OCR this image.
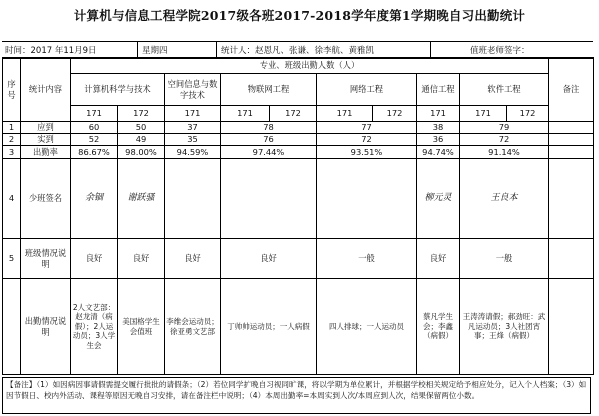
计算机与信息工程学院2017级各班2017-2018学年度第1学期晚自习出勤统计
时间：2017 年11月9日	星期四	统计人：赵恩凡、张谦、徐李航、黄雅凯	值班老师签字：
序号	统计内容	专业、班级出勤人数（人）										备注
		计算机科学与技术		空间信息与数字技术	物联网工程		网络工程		通信工程	软件工程		
		171	172	171	171	172	171	172	171	171	172	
1	应到	60	50	37	78		77		38	79		
2	实到	52	49	35	76		72		36	72		
3	出勤率	86.67%	98.00%	94.59%	97.44%		93.51%		94.74%	91.14%		
4	少班签名	余锢	谢跃骚						柳元灵	王良本		
5	班级情况说明	良好	良好	良好	良好		一般		良好	一般		
	出勤情况说明	2人文艺部：赵龙清（病假）；2人运动员；3人学生会	美国格学生会值班	李维会运动员；徐亚勇文艺部	丁帅帅运动员；一人病假		四人排球；一人运动员		蔡凡学生会；李鑫（病假）	王涛涛请假；郝劲旺：武凡运动员；3人社团宵事；王烽（病假）		
【备注】（1）如因病因事请假需提交履行批批的请假条；（2）若位同学扩晚自习视同旷课，将以学期为单位累计，并根据学校相关规定给予相应处分，记入个人档案；（3）如因节假日、校内外活动、课程等原因无晚自习安排，请在备注栏中说明；（4）本周出勤率=本周实到人次/本周应到人次，结果保留两位小数。
